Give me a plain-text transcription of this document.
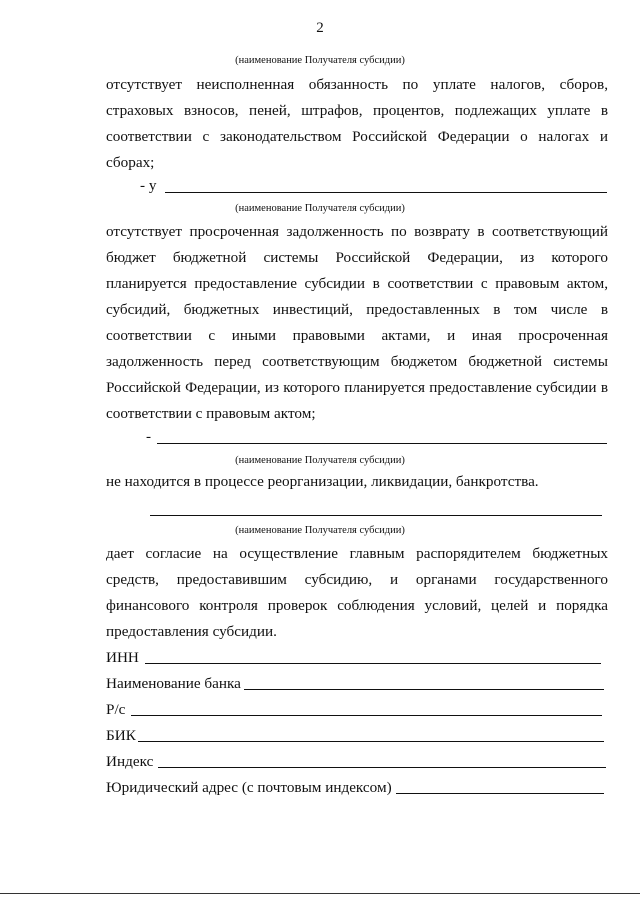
2
(наименование Получателя субсидии)
отсутствует неисполненная обязанность по уплате налогов, сборов,
страховых взносов, пеней, штрафов, процентов, подлежащих уплате в
соответствии с законодательством Российской Федерации о налогах и
сборах;
- у
(наименование Получателя субсидии)
отсутствует просроченная задолженность по возврату в соответствующий
бюджет бюджетной системы Российской Федерации, из которого
планируется предоставление субсидии в соответствии с правовым актом,
субсидий, бюджетных инвестиций, предоставленных в том числе в
соответствии с иными правовыми актами, и иная просроченная
задолженность перед соответствующим бюджетом бюджетной системы
Российской Федерации, из которого планируется предоставление субсидии в
соответствии с правовым актом;
-
(наименование Получателя субсидии)
не находится в процессе реорганизации, ликвидации, банкротства.
(наименование Получателя субсидии)
дает согласие на осуществление главным распорядителем бюджетных
средств, предоставившим субсидию, и органами государственного
финансового контроля проверок соблюдения условий, целей и порядка
предоставления субсидии.
ИНН
Наименование банка
Р/с
БИК
Индекс
Юридический адрес (с почтовым индексом)
